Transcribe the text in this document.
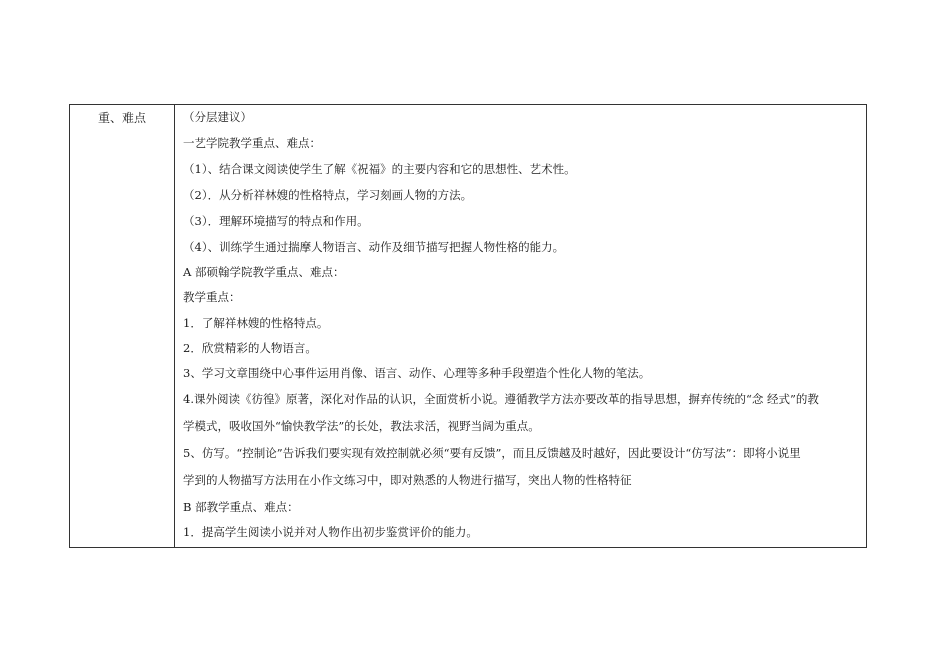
重、难点	（分层建议）
一艺学院教学重点、难点：
（1）、结合课文阅读使学生了解《祝福》的主要内容和它的思想性、艺术性。
（2）．从分析祥林嫂的性格特点，学习刻画人物的方法。
（3）．理解环境描写的特点和作用。
（4）、训练学生通过揣摩人物语言、动作及细节描写把握人物性格的能力。
A 部硕翰学院教学重点、难点：
教学重点：
1．了解祥林嫂的性格特点。
2．欣赏精彩的人物语言。
3、学习文章围绕中心事件运用肖像、语言、动作、心理等多种手段塑造个性化人物的笔法。
4.课外阅读《彷徨》原著，深化对作品的认识，全面赏析小说。遵循教学方法亦要改革的指导思想，摒弃传统的“念 经式”的教
学模式，吸收国外“愉快教学法”的长处，教法求活，视野当阔为重点。
5、仿写。“控制论”告诉我们要实现有效控制就必须“要有反馈”，而且反馈越及时越好，因此要设计“仿写法”：即将小说里
学到的人物描写方法用在小作文练习中，即对熟悉的人物进行描写，突出人物的性格特征
B 部教学重点、难点：
1．提高学生阅读小说并对人物作出初步鉴赏评价的能力。
